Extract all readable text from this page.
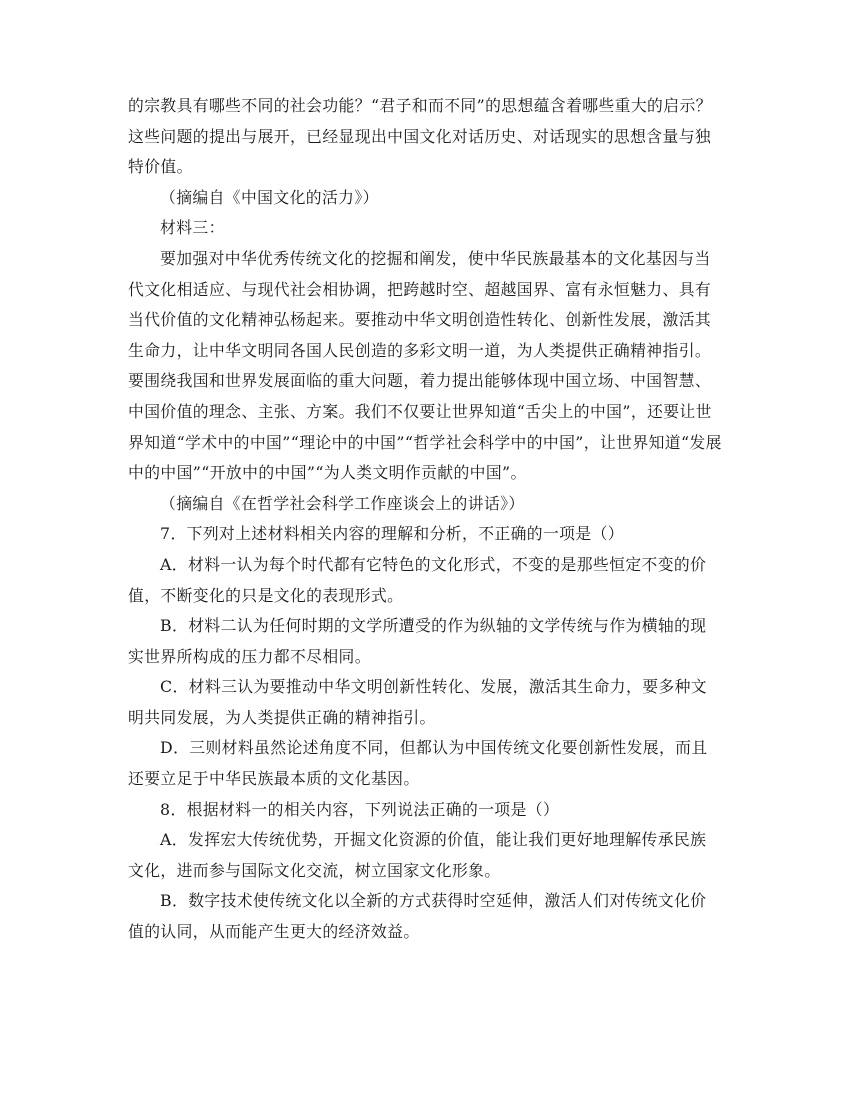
的宗教具有哪些不同的社会功能？“君子和而不同”的思想蕴含着哪些重大的启示？
这些问题的提出与展开，已经显现出中国文化对话历史、对话现实的思想含量与独
特价值。
（摘编自《中国文化的活力》）
材料三：
要加强对中华优秀传统文化的挖掘和阐发，使中华民族最基本的文化基因与当
代文化相适应、与现代社会相协调，把跨越时空、超越国界、富有永恒魅力、具有
当代价值的文化精神弘杨起来。要推动中华文明创造性转化、创新性发展，激活其
生命力，让中华文明同各国人民创造的多彩文明一道，为人类提供正确精神指引。
要围绕我国和世界发展面临的重大问题，着力提出能够体现中国立场、中国智慧、
中国价值的理念、主张、方案。我们不仅要让世界知道“舌尖上的中国”，还要让世
界知道“学术中的中国”“理论中的中国”“哲学社会科学中的中国”，让世界知道“发展
中的中国”“开放中的中国”“为人类文明作贡献的中国”。
（摘编自《在哲学社会科学工作座谈会上的讲话》）
7．下列对上述材料相关内容的理解和分析，不正确的一项是（）
A．材料一认为每个时代都有它特色的文化形式，不变的是那些恒定不变的价
值，不断变化的只是文化的表现形式。
B．材料二认为任何时期的文学所遭受的作为纵轴的文学传统与作为横轴的现
实世界所构成的压力都不尽相同。
C．材料三认为要推动中华文明创新性转化、发展，激活其生命力，要多种文
明共同发展，为人类提供正确的精神指引。
D．三则材料虽然论述角度不同，但都认为中国传统文化要创新性发展，而且
还要立足于中华民族最本质的文化基因。
8．根据材料一的相关内容，下列说法正确的一项是（）
A．发挥宏大传统优势，开掘文化资源的价值，能让我们更好地理解传承民族
文化，进而参与国际文化交流，树立国家文化形象。
B．数字技术使传统文化以全新的方式获得时空延伸，激活人们对传统文化价
值的认同，从而能产生更大的经济效益。
